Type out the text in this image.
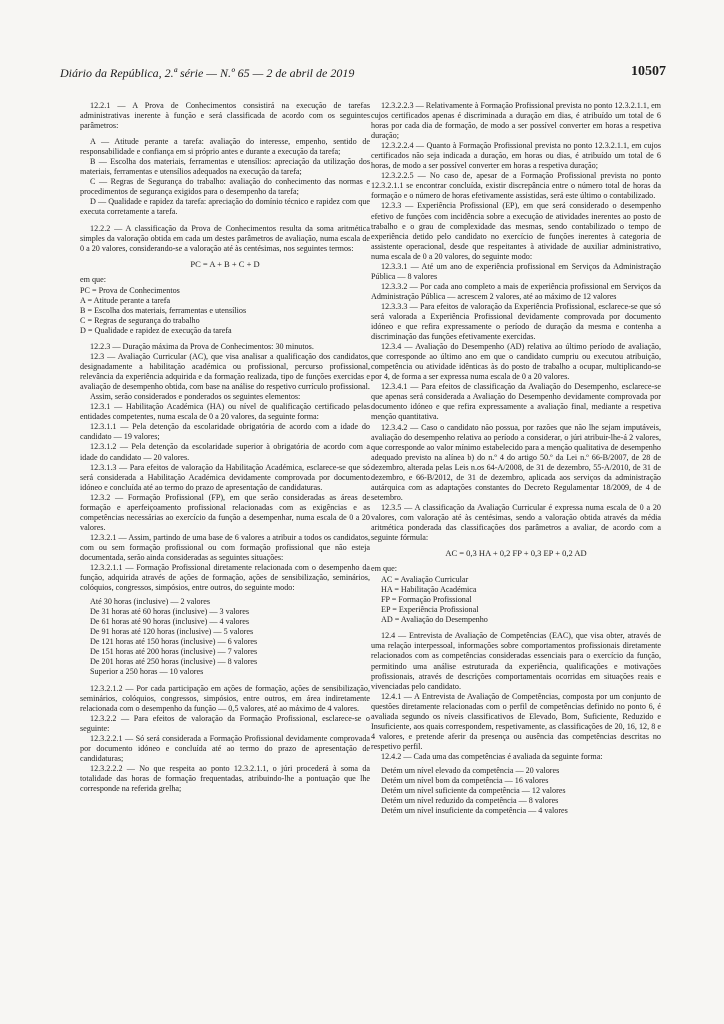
Diário da República, 2.ª série — N.º 65 — 2 de abril de 2019	10507

12.2.1 — A Prova de Conhecimentos consistirá na execução de tarefas administrativas inerente à função e será classificada de acordo com os seguintes parâmetros:

A — Atitude perante a tarefa: avaliação do interesse, empenho, sentido de responsabilidade e confiança em si próprio antes e durante a execução da tarefa;

B — Escolha dos materiais, ferramentas e utensílios: apreciação da utilização dos materiais, ferramentas e utensílios adequados na execução da tarefa;

C — Regras de Segurança do trabalho: avaliação do conhecimento das normas e procedimentos de segurança exigidos para o desempenho da tarefa;

D — Qualidade e rapidez da tarefa: apreciação do domínio técnico e rapidez com que executa corretamente a tarefa.

12.2.2 — A classificação da Prova de Conhecimentos resulta da soma aritmética simples da valoração obtida em cada um destes parâmetros de avaliação, numa escala de 0 a 20 valores, considerando-se a valoração até às centésimas, nos seguintes termos:

PC = A + B + C + D

em que:

PC = Prova de Conhecimentos
A = Atitude perante a tarefa
B = Escolha dos materiais, ferramentas e utensílios
C = Regras de segurança do trabalho
D = Qualidade e rapidez de execução da tarefa

12.2.3 — Duração máxima da Prova de Conhecimentos: 30 minutos.

12.3 — Avaliação Curricular (AC), que visa analisar a qualificação dos candidatos, designadamente a habilitação académica ou profissional, percurso profissional, relevância da experiência adquirida e da formação realizada, tipo de funções exercidas e avaliação de desempenho obtida, com base na análise do respetivo currículo profissional.

Assim, serão considerados e ponderados os seguintes elementos:

12.3.1 — Habilitação Académica (HA) ou nível de qualificação certificado pelas entidades competentes, numa escala de 0 a 20 valores, da seguinte forma:

12.3.1.1 — Pela detenção da escolaridade obrigatória de acordo com a idade do candidato — 19 valores;

12.3.1.2 — Pela detenção da escolaridade superior à obrigatória de acordo com a idade do candidato — 20 valores.

12.3.1.3 — Para efeitos de valoração da Habilitação Académica, esclarece-se que só será considerada a Habilitação Académica devidamente comprovada por documento idóneo e concluída até ao termo do prazo de apresentação de candidaturas.

12.3.2 — Formação Profissional (FP), em que serão consideradas as áreas de formação e aperfeiçoamento profissional relacionadas com as exigências e as competências necessárias ao exercício da função a desempenhar, numa escala de 0 a 20 valores.

12.3.2.1 — Assim, partindo de uma base de 6 valores a atribuir a todos os candidatos, com ou sem formação profissional ou com formação profissional que não esteja documentada, serão ainda consideradas as seguintes situações:

12.3.2.1.1 — Formação Profissional diretamente relacionada com o desempenho da função, adquirida através de ações de formação, ações de sensibilização, seminários, colóquios, congressos, simpósios, entre outros, do seguinte modo:

Até 30 horas (inclusive) — 2 valores
De 31 horas até 60 horas (inclusive) — 3 valores
De 61 horas até 90 horas (inclusive) — 4 valores
De 91 horas até 120 horas (inclusive) — 5 valores
De 121 horas até 150 horas (inclusive) — 6 valores
De 151 horas até 200 horas (inclusive) — 7 valores
De 201 horas até 250 horas (inclusive) — 8 valores
Superior a 250 horas — 10 valores

12.3.2.1.2 — Por cada participação em ações de formação, ações de sensibilização, seminários, colóquios, congressos, simpósios, entre outros, em área indiretamente relacionada com o desempenho da função — 0,5 valores, até ao máximo de 4 valores.

12.3.2.2 — Para efeitos de valoração da Formação Profissional, esclarece-se o seguinte:

12.3.2.2.1 — Só será considerada a Formação Profissional devidamente comprovada por documento idóneo e concluída até ao termo do prazo de apresentação de candidaturas;

12.3.2.2.2 — No que respeita ao ponto 12.3.2.1.1, o júri procederá à soma da totalidade das horas de formação frequentadas, atribuindo-lhe a pontuação que lhe corresponde na referida grelha;

12.3.2.2.3 — Relativamente à Formação Profissional prevista no ponto 12.3.2.1.1, em cujos certificados apenas é discriminada a duração em dias, é atribuído um total de 6 horas por cada dia de formação, de modo a ser possível converter em horas a respetiva duração;

12.3.2.2.4 — Quanto à Formação Profissional prevista no ponto 12.3.2.1.1, em cujos certificados não seja indicada a duração, em horas ou dias, é atribuído um total de 6 horas, de modo a ser possível converter em horas a respetiva duração;

12.3.2.2.5 — No caso de, apesar de a Formação Profissional prevista no ponto 12.3.2.1.1 se encontrar concluída, existir discrepância entre o número total de horas da formação e o número de horas efetivamente assistidas, será este último o contabilizado.

12.3.3 — Experiência Profissional (EP), em que será considerado o desempenho efetivo de funções com incidência sobre a execução de atividades inerentes ao posto de trabalho e o grau de complexidade das mesmas, sendo contabilizado o tempo de experiência detido pelo candidato no exercício de funções inerentes à categoria de assistente operacional, desde que respeitantes à atividade de auxiliar administrativo, numa escala de 0 a 20 valores, do seguinte modo:

12.3.3.1 — Até um ano de experiência profissional em Serviços da Administração Pública — 8 valores

12.3.3.2 — Por cada ano completo a mais de experiência profissional em Serviços da Administração Pública — acrescem 2 valores, até ao máximo de 12 valores

12.3.3.3 — Para efeitos de valoração da Experiência Profissional, esclarece-se que só será valorada a Experiência Profissional devidamente comprovada por documento idóneo e que refira expressamente o período de duração da mesma e contenha a discriminação das funções efetivamente exercidas.

12.3.4 — Avaliação do Desempenho (AD) relativa ao último período de avaliação, que corresponde ao último ano em que o candidato cumpriu ou executou atribuição, competência ou atividade idênticas às do posto de trabalho a ocupar, multiplicando-se por 4, de forma a ser expressa numa escala de 0 a 20 valores.

12.3.4.1 — Para efeitos de classificação da Avaliação do Desempenho, esclarece-se que apenas será considerada a Avaliação do Desempenho devidamente comprovada por documento idóneo e que refira expressamente a avaliação final, mediante a respetiva menção quantitativa.

12.3.4.2 — Caso o candidato não possua, por razões que não lhe sejam imputáveis, avaliação do desempenho relativa ao período a considerar, o júri atribuir-lhe-á 2 valores, que corresponde ao valor mínimo estabelecido para a menção qualitativa de desempenho adequado previsto na alínea b) do n.º 4 do artigo 50.º da Lei n.º 66-B/2007, de 28 de dezembro, alterada pelas Leis n.os 64-A/2008, de 31 de dezembro, 55-A/2010, de 31 de dezembro, e 66-B/2012, de 31 de dezembro, aplicada aos serviços da administração autárquica com as adaptações constantes do Decreto Regulamentar 18/2009, de 4 de setembro.

12.3.5 — A classificação da Avaliação Curricular é expressa numa escala de 0 a 20 valores, com valoração até às centésimas, sendo a valoração obtida através da média aritmética ponderada das classificações dos parâmetros a avaliar, de acordo com a seguinte fórmula:

AC = 0,3 HA + 0,2 FP + 0,3 EP + 0,2 AD

em que:

AC = Avaliação Curricular
HA = Habilitação Académica
FP = Formação Profissional
EP = Experiência Profissional
AD = Avaliação do Desempenho

12.4 — Entrevista de Avaliação de Competências (EAC), que visa obter, através de uma relação interpessoal, informações sobre comportamentos profissionais diretamente relacionados com as competências consideradas essenciais para o exercício da função, permitindo uma análise estruturada da experiência, qualificações e motivações profissionais, através de descrições comportamentais ocorridas em situações reais e vivenciadas pelo candidato.

12.4.1 — A Entrevista de Avaliação de Competências, composta por um conjunto de questões diretamente relacionadas com o perfil de competências definido no ponto 6, é avaliada segundo os níveis classificativos de Elevado, Bom, Suficiente, Reduzido e Insuficiente, aos quais correspondem, respetivamente, as classificações de 20, 16, 12, 8 e 4 valores, e pretende aferir da presença ou ausência das competências descritas no respetivo perfil.

12.4.2 — Cada uma das competências é avaliada da seguinte forma:

Detém um nível elevado da competência — 20 valores
Detém um nível bom da competência — 16 valores
Detém um nível suficiente da competência — 12 valores
Detém um nível reduzido da competência — 8 valores
Detém um nível insuficiente da competência — 4 valores
